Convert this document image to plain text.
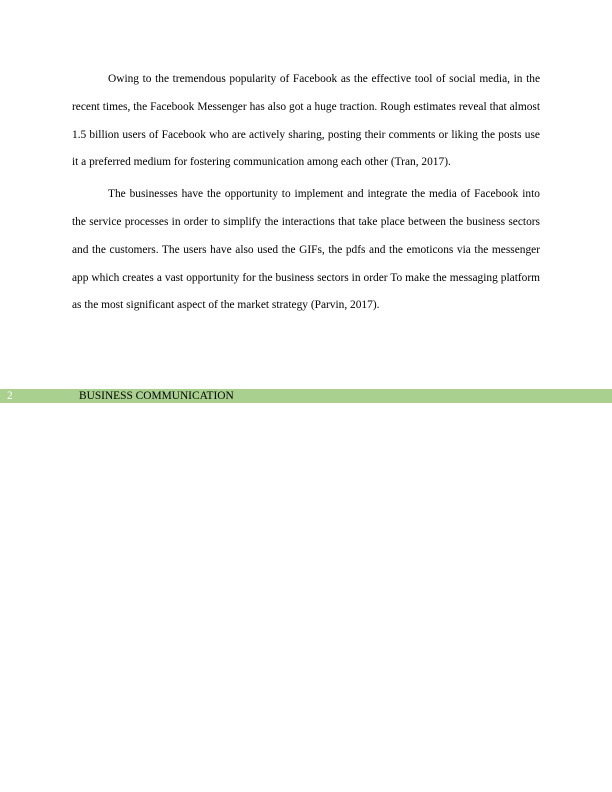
Owing to the tremendous popularity of Facebook as the effective tool of social media, in the recent times, the Facebook Messenger has also got a huge traction. Rough estimates reveal that almost 1.5 billion users of Facebook who are actively sharing, posting their comments or liking the posts use it a preferred medium for fostering communication among each other (Tran, 2017).

The businesses have the opportunity to implement and integrate the media of Facebook into the service processes in order to simplify the interactions that take place between the business sectors and the customers. The users have also used the GIFs, the pdfs and the emoticons via the messenger app which creates a vast opportunity for the business sectors in order To make the messaging platform as the most significant aspect of the market strategy (Parvin, 2017).

2	BUSINESS COMMUNICATION
